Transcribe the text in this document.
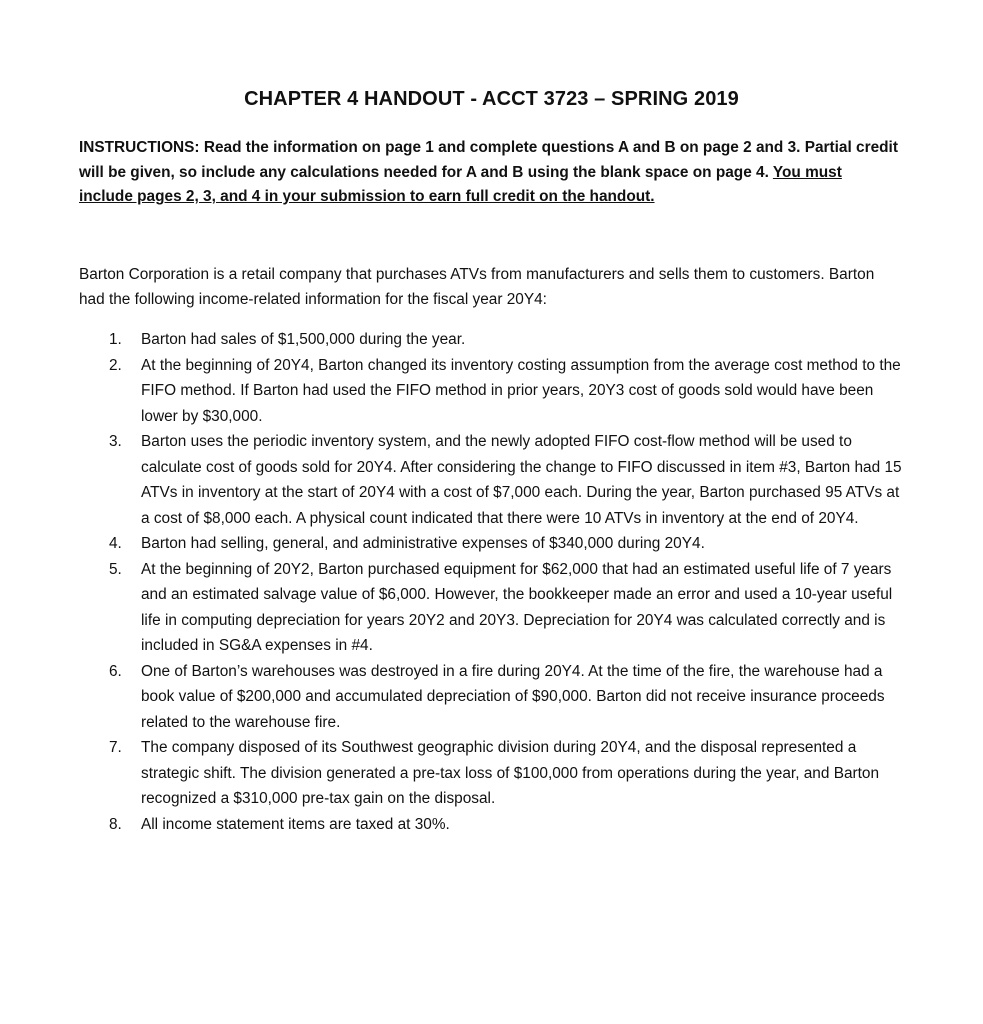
CHAPTER 4 HANDOUT - ACCT 3723 – SPRING 2019
INSTRUCTIONS: Read the information on page 1 and complete questions A and B on page 2 and 3. Partial credit will be given, so include any calculations needed for A and B using the blank space on page 4. You must include pages 2, 3, and 4 in your submission to earn full credit on the handout.
Barton Corporation is a retail company that purchases ATVs from manufacturers and sells them to customers. Barton had the following income-related information for the fiscal year 20Y4:
1. Barton had sales of $1,500,000 during the year.
2. At the beginning of 20Y4, Barton changed its inventory costing assumption from the average cost method to the FIFO method. If Barton had used the FIFO method in prior years, 20Y3 cost of goods sold would have been lower by $30,000.
3. Barton uses the periodic inventory system, and the newly adopted FIFO cost-flow method will be used to calculate cost of goods sold for 20Y4. After considering the change to FIFO discussed in item #3, Barton had 15 ATVs in inventory at the start of 20Y4 with a cost of $7,000 each. During the year, Barton purchased 95 ATVs at a cost of $8,000 each. A physical count indicated that there were 10 ATVs in inventory at the end of 20Y4.
4. Barton had selling, general, and administrative expenses of $340,000 during 20Y4.
5. At the beginning of 20Y2, Barton purchased equipment for $62,000 that had an estimated useful life of 7 years and an estimated salvage value of $6,000. However, the bookkeeper made an error and used a 10-year useful life in computing depreciation for years 20Y2 and 20Y3. Depreciation for 20Y4 was calculated correctly and is included in SG&A expenses in #4.
6. One of Barton’s warehouses was destroyed in a fire during 20Y4. At the time of the fire, the warehouse had a book value of $200,000 and accumulated depreciation of $90,000. Barton did not receive insurance proceeds related to the warehouse fire.
7. The company disposed of its Southwest geographic division during 20Y4, and the disposal represented a strategic shift. The division generated a pre-tax loss of $100,000 from operations during the year, and Barton recognized a $310,000 pre-tax gain on the disposal.
8. All income statement items are taxed at 30%.
